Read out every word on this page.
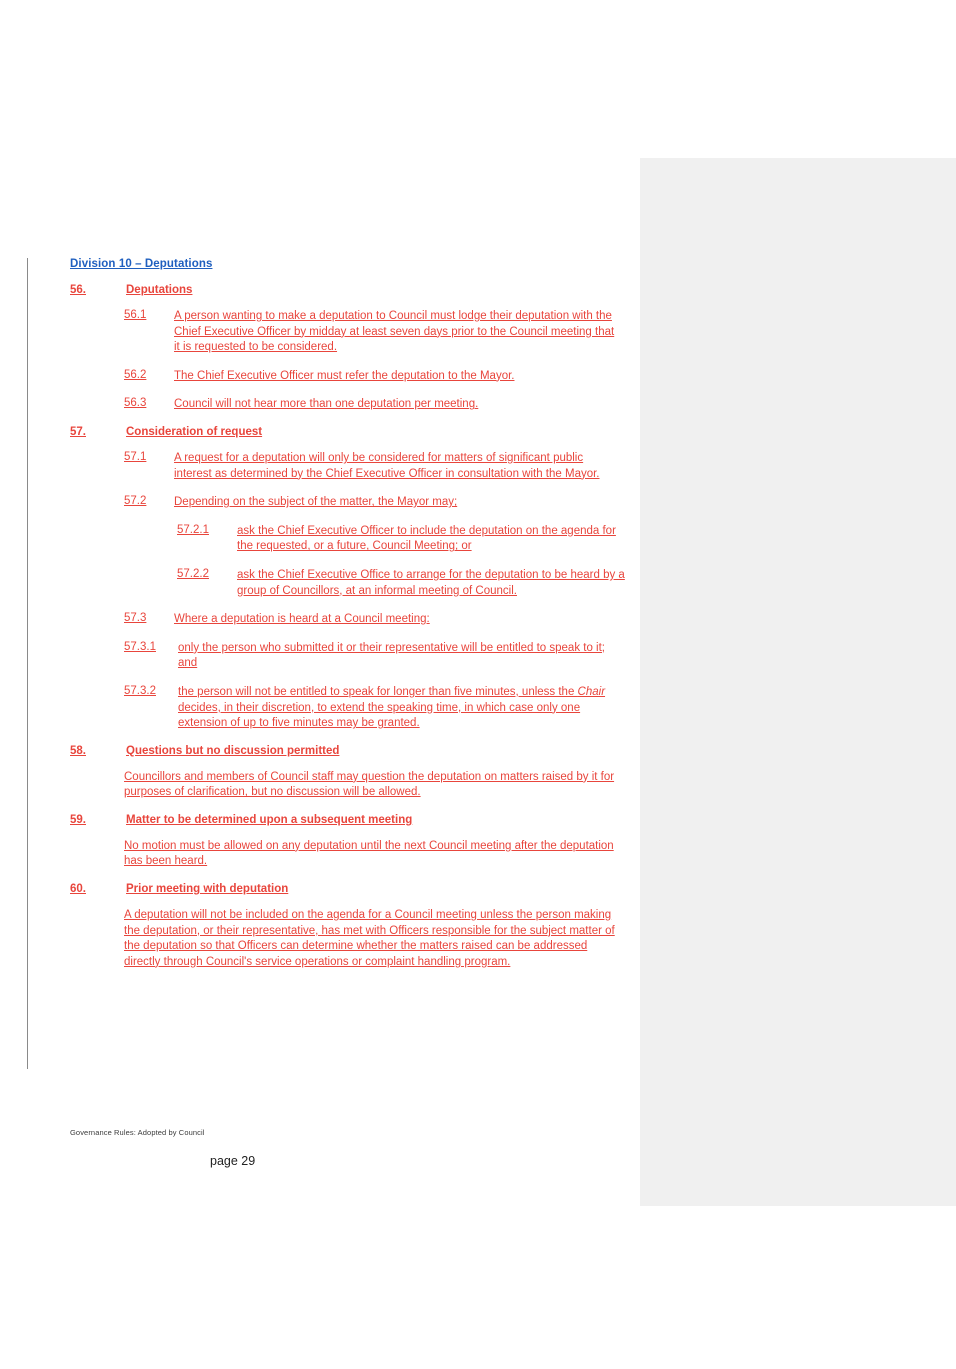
Division 10 – Deputations
56.	Deputations
56.1	A person wanting to make a deputation to Council must lodge their deputation with the Chief Executive Officer by midday at least seven days prior to the Council meeting that it is requested to be considered.
56.2	The Chief Executive Officer must refer the deputation to the Mayor.
56.3	Council will not hear more than one deputation per meeting.
57.	Consideration of request
57.1	A request for a deputation will only be considered for matters of significant public interest as determined by the Chief Executive Officer in consultation with the Mayor.
57.2	Depending on the subject of the matter, the Mayor may;
57.2.1	ask the Chief Executive Officer to include the deputation on the agenda for the requested, or a future, Council Meeting; or
57.2.2	ask the Chief Executive Office to arrange for the deputation to be heard by a group of Councillors, at an informal meeting of Council.
57.3	Where a deputation is heard at a Council meeting:
57.3.1	only the person who submitted it or their representative will be entitled to speak to it; and
57.3.2	the person will not be entitled to speak for longer than five minutes, unless the Chair decides, in their discretion, to extend the speaking time, in which case only one extension of up to five minutes may be granted.
58.	Questions but no discussion permitted
Councillors and members of Council staff may question the deputation on matters raised by it for purposes of clarification, but no discussion will be allowed.
59.	Matter to be determined upon a subsequent meeting
No motion must be allowed on any deputation until the next Council meeting after the deputation has been heard.
60.	Prior meeting with deputation
A deputation will not be included on the agenda for a Council meeting unless the person making the deputation, or their representative, has met with Officers responsible for the subject matter of the deputation so that Officers can determine whether the matters raised can be addressed directly through Council's service operations or complaint handling program.
Governance Rules: Adopted by Council
page 29
